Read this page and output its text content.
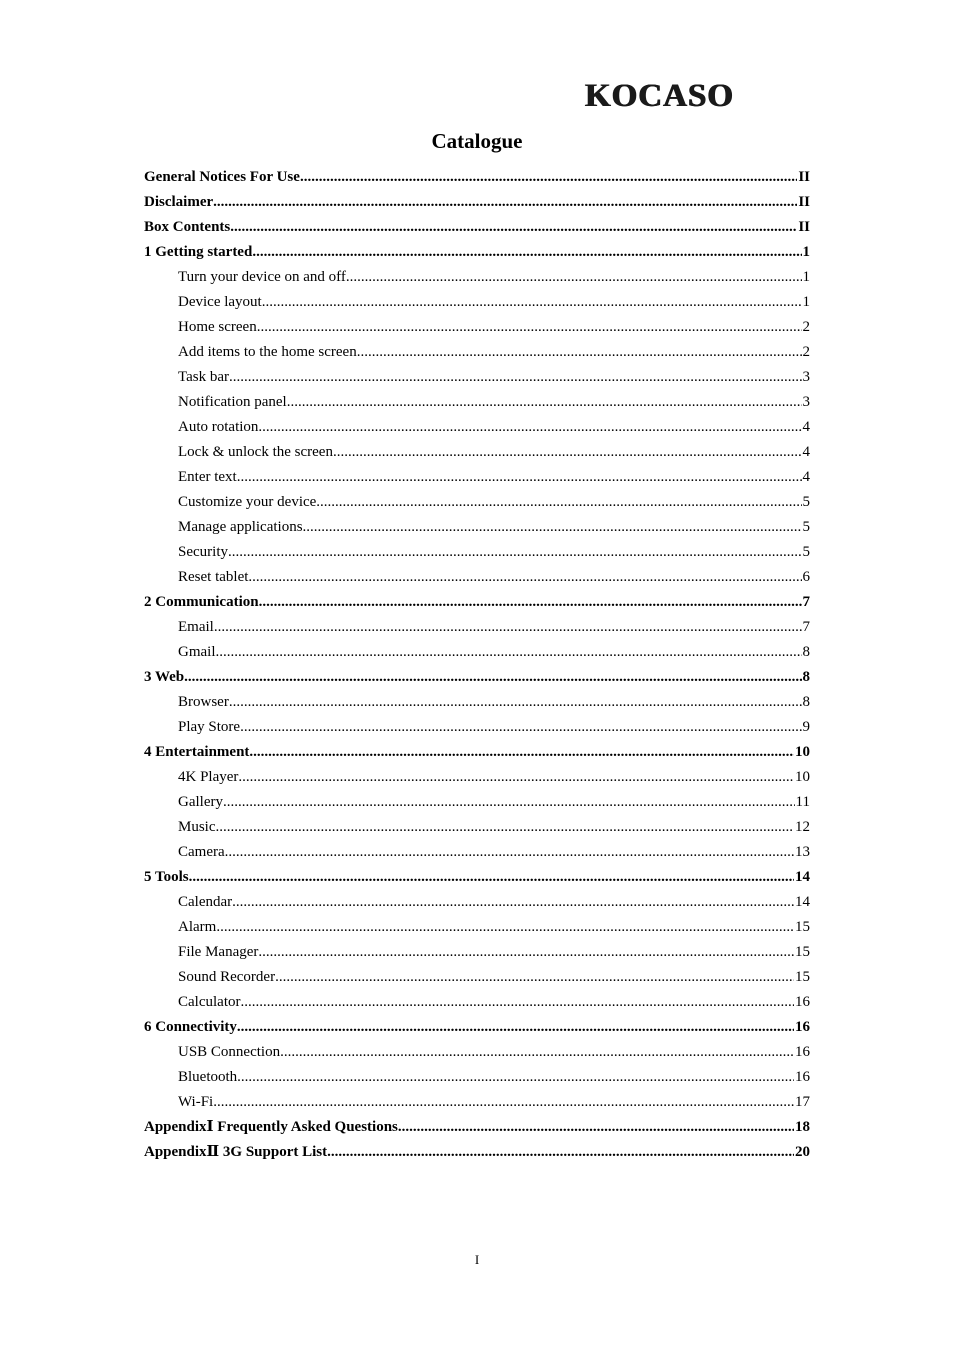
KOCASO
Catalogue
General Notices For Use .....	II
Disclaimer .....	II
Box Contents .....	II
1 Getting started .....	1
Turn your device on and off .....	1
Device layout .....	1
Home screen .....	2
Add items to the home screen .....	2
Task bar .....	3
Notification panel .....	3
Auto rotation .....	4
Lock & unlock the screen .....	4
Enter text .....	4
Customize your device .....	5
Manage applications .....	5
Security .....	5
Reset tablet .....	6
2 Communication .....	7
Email .....	7
Gmail .....	8
3 Web .....	8
Browser .....	8
Play Store .....	9
4 Entertainment .....	10
4K Player .....	10
Gallery .....	11
Music .....	12
Camera .....	13
5 Tools .....	14
Calendar .....	14
Alarm .....	15
File Manager .....	15
Sound Recorder .....	15
Calculator .....	16
6 Connectivity .....	16
USB Connection .....	16
Bluetooth .....	16
Wi-Fi .....	17
AppendixⅠ Frequently Asked Questions .....	18
AppendixⅡ 3G Support List .....	20
I
